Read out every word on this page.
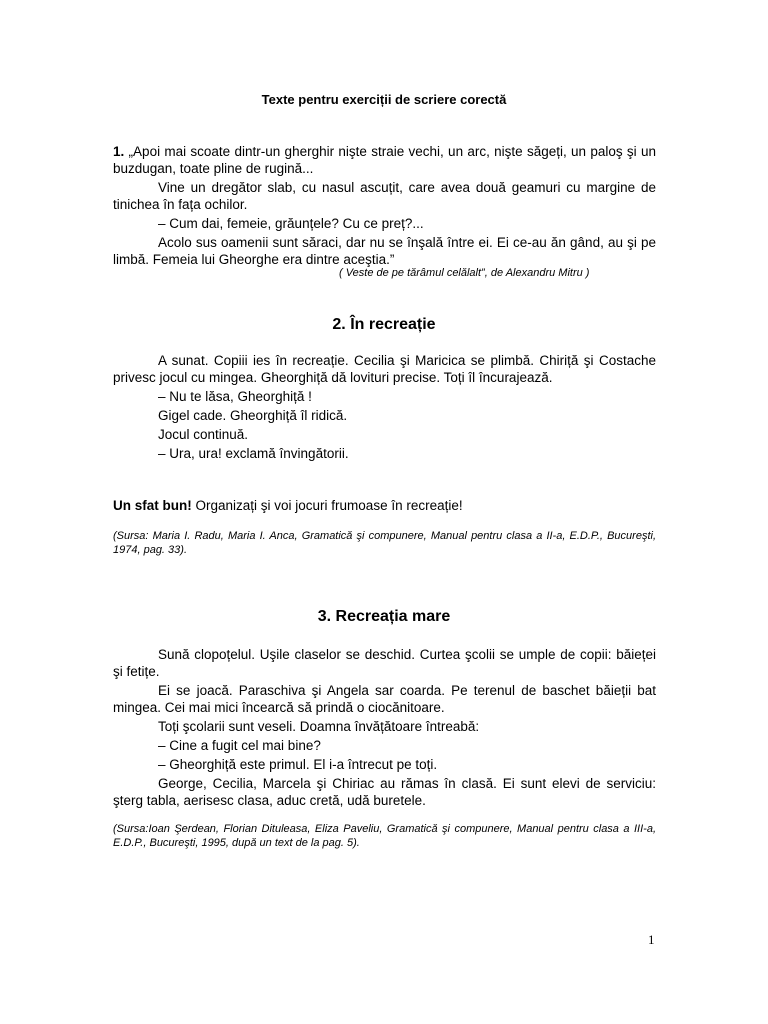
Texte pentru exerciții de scriere corectă

1. „Apoi mai scoate dintr-un gherghir nişte straie vechi, un arc, nişte săgeți, un paloş şi un buzdugan, toate pline de rugină...

Vine un dregător slab, cu nasul ascuțit, care avea două geamuri cu margine de tinichea în fața ochilor.

– Cum dai, femeie, grăunțele? Cu ce preț?...

Acolo sus oamenii sunt săraci, dar nu se înşală între ei. Ei ce-au ăn gând, au şi pe limbă. Femeia lui Gheorghe era dintre aceştia.”

( Veste de pe tărâmul celălalt”, de Alexandru Mitru )
2. În recreație

A sunat. Copiii ies în recreație. Cecilia şi Maricica se plimbă. Chiriță şi Costache privesc jocul cu mingea. Gheorghiță dă lovituri precise. Toți îl încurajează.

– Nu te lăsa, Gheorghiță !

Gigel cade. Gheorghiță îl ridică.

Jocul continuă.

– Ura, ura! exclamă învingătorii.

Un sfat bun! Organizați şi voi jocuri frumoase în recreație!
(Sursa: Maria I. Radu, Maria I. Anca, Gramatică şi compunere, Manual pentru clasa a II-a, E.D.P., Bucureşti, 1974, pag. 33).
3. Recreația mare

Sună clopoțelul. Uşile claselor se deschid. Curtea şcolii se umple de copii: băieței şi fetițe.

Ei se joacă. Paraschiva şi Angela sar coarda. Pe terenul de baschet băieții bat mingea. Cei mai mici încearcă să prindă o ciocănitoare.

Toți şcolarii sunt veseli. Doamna învățătoare întreabă:

– Cine a fugit cel mai bine?

– Gheorghiță este primul. El i-a întrecut pe toți.

George, Cecilia, Marcela şi Chiriac au rămas în clasă. Ei sunt elevi de serviciu: şterg tabla, aerisesc clasa, aduc cretă, udă buretele.

(Sursa:Ioan Şerdean, Florian Dituleasa, Eliza Paveliu, Gramatică şi compunere, Manual pentru clasa a III-a, E.D.P., Bucureşti, 1995, după un text de la pag. 5).
1
